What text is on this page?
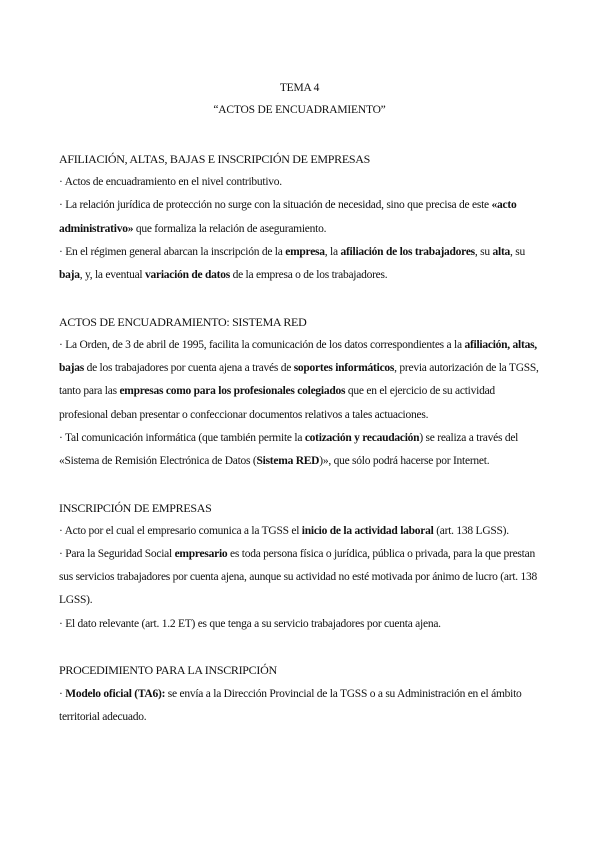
TEMA 4
“ACTOS DE ENCUADRAMIENTO”
AFILIACIÓN, ALTAS, BAJAS E INSCRIPCIÓN DE EMPRESAS

· Actos de encuadramiento en el nivel contributivo.

· La relación jurídica de protección no surge con la situación de necesidad, sino que precisa de este «acto administrativo» que formaliza la relación de aseguramiento.

· En el régimen general abarcan la inscripción de la empresa, la afiliación de los trabajadores, su alta, su baja, y, la eventual variación de datos de la empresa o de los trabajadores.

ACTOS DE ENCUADRAMIENTO: SISTEMA RED

· La Orden, de 3 de abril de 1995, facilita la comunicación de los datos correspondientes a la afiliación, altas, bajas de los trabajadores por cuenta ajena a través de soportes informáticos, previa autorización de la TGSS, tanto para las empresas como para los profesionales colegiados que en el ejercicio de su actividad profesional deban presentar o confeccionar documentos relativos a tales actuaciones.

· Tal comunicación informática (que también permite la cotización y recaudación) se realiza a través del «Sistema de Remisión Electrónica de Datos (Sistema RED)», que sólo podrá hacerse por Internet.

INSCRIPCIÓN DE EMPRESAS

· Acto por el cual el empresario comunica a la TGSS el inicio de la actividad laboral (art. 138 LGSS).

· Para la Seguridad Social empresario es toda persona física o jurídica, pública o privada, para la que prestan sus servicios trabajadores por cuenta ajena, aunque su actividad no esté motivada por ánimo de lucro (art. 138 LGSS).

· El dato relevante (art. 1.2 ET) es que tenga a su servicio trabajadores por cuenta ajena.

PROCEDIMIENTO PARA LA INSCRIPCIÓN

· Modelo oficial (TA6): se envía a la Dirección Provincial de la TGSS o a su Administración en el ámbito territorial adecuado.
